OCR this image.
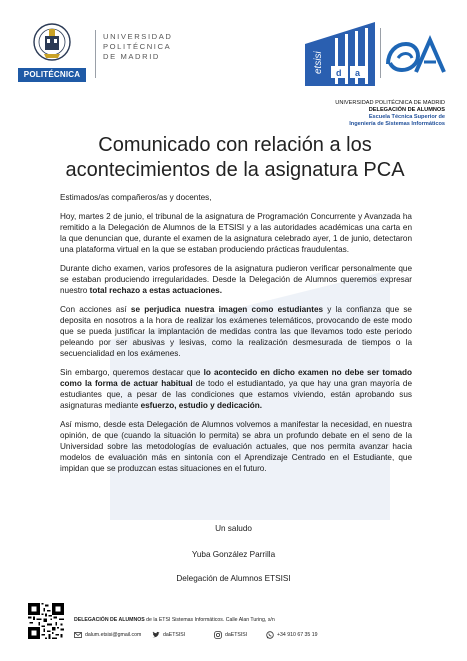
POLITÉCNICA
UNIVERSIDAD
POLITÉCNICA
DE MADRID
d a
etsisi
UNIVERSIDAD POLITÉCNICA DE MADRID
DELEGACIÓN DE ALUMNOS
Escuela Técnica Superior de
Ingeniería de Sistemas Informáticos
Comunicado con relación a los
acontecimientos de la asignatura PCA

Estimados/as compañeros/as y docentes,

Hoy, martes 2 de junio, el tribunal de la asignatura de Programación Concurrente y Avanzada ha remitido a la Delegación de Alumnos de la ETSISI y a las autoridades académicas una carta en la que denuncian que, durante el examen de la asignatura celebrado ayer, 1 de junio, detectaron una plataforma virtual en la que se estaban produciendo prácticas fraudulentas.

Durante dicho examen, varios profesores de la asignatura pudieron verificar personalmente que se estaban produciendo irregularidades. Desde la Delegación de Alumnos queremos expresar nuestro total rechazo a estas actuaciones.

Con acciones así se perjudica nuestra imagen como estudiantes y la confianza que se deposita en nosotros a la hora de realizar los exámenes telemáticos, provocando de este modo que se pueda justificar la implantación de medidas contra las que llevamos todo este periodo peleando por ser abusivas y lesivas, como la realización desmesurada de tiempos o la secuencialidad en los exámenes.

Sin embargo, queremos destacar que lo acontecido en dicho examen no debe ser tomado como la forma de actuar habitual de todo el estudiantado, ya que hay una gran mayoría de estudiantes que, a pesar de las condiciones que estamos viviendo, están aprobando sus asignaturas mediante esfuerzo, estudio y dedicación.

Así mismo, desde esta Delegación de Alumnos volvemos a manifestar la necesidad, en nuestra opinión, de que (cuando la situación lo permita) se abra un profundo debate en el seno de la Universidad sobre las metodologías de evaluación actuales, que nos permita avanzar hacia modelos de evaluación más en sintonía con el Aprendizaje Centrado en el Estudiante, que impidan que se produzcan estas situaciones en el futuro.

Un saludo
Yuba González Parrilla
Delegación de Alumnos ETSISI
DELEGACIÓN DE ALUMNOS de la ETSI Sistemas Informáticos. Calle Alan Turing, s/n
dalum.etsisi@gmail.com	daETSISI	daETSISI	+34 910 67 35 19
